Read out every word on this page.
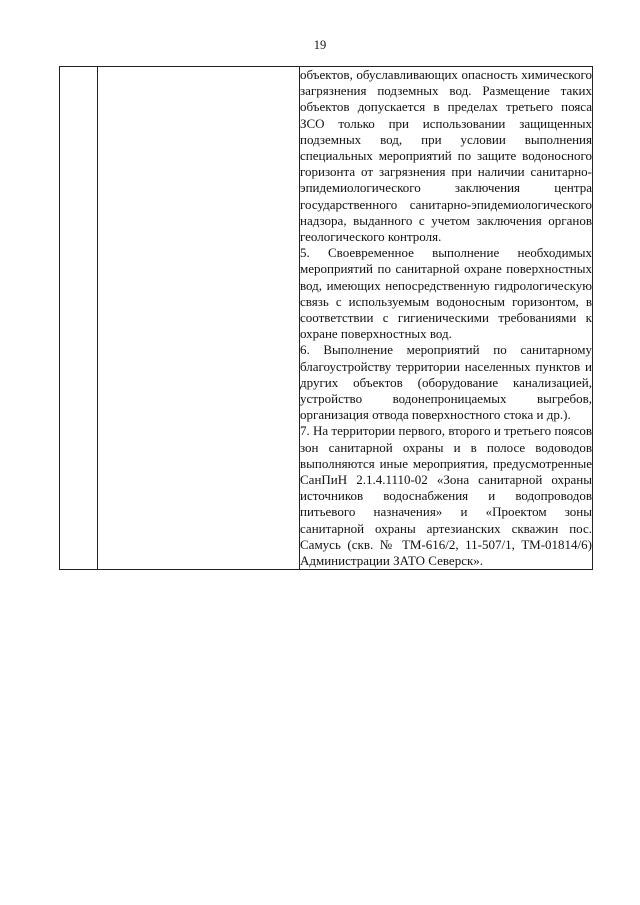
19

объектов, обуславливающих опасность химического загрязнения подземных вод. Размещение таких объектов допускается в пределах третьего пояса ЗСО только при использовании защищенных подземных вод, при условии выполнения специальных мероприятий по защите водоносного горизонта от загрязнения при наличии санитарно-эпидемиологического заключения центра государственного санитарно-эпидемиологического надзора, выданного с учетом заключения органов геологического контроля.

5. Своевременное выполнение необходимых мероприятий по санитарной охране поверхностных вод, имеющих непосредственную гидрологическую связь с используемым водоносным горизонтом, в соответствии с гигиеническими требованиями к охране поверхностных вод.

6. Выполнение мероприятий по санитарному благоустройству территории населенных пунктов и других объектов (оборудование канализацией, устройство водонепроницаемых выгребов, организация отвода поверхностного стока и др.).

7. На территории первого, второго и третьего поясов зон санитарной охраны и в полосе водоводов выполняются иные мероприятия, предусмотренные СанПиН 2.1.4.1110-02 «Зона санитарной охраны источников водоснабжения и водопроводов питьевого назначения» и «Проектом зоны санитарной охраны артезианских скважин пос. Самусь (скв. № ТМ-616/2, 11-507/1, ТМ-01814/6) Администрации ЗАТО Северск».
